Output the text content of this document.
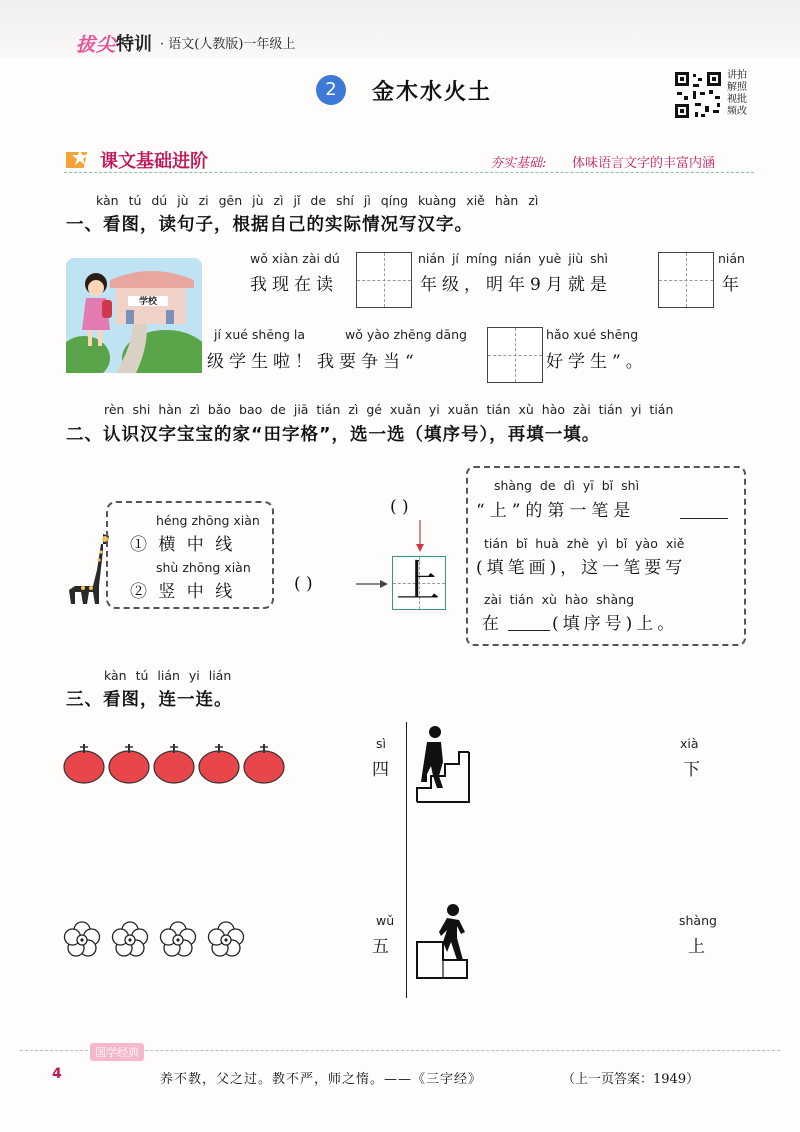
拔尖 特训 · 语文(人教版)一年级上
2	金木水火土
讲拍
解照
视批
频改
课文基础进阶	夯实基础: 体味语言文字的丰富内涵
kàn tú dú jù zi gēn jù zì jǐ de shí jì qíng kuàng xiě hàn zì
一、看图，读句子，根据自己的实际情况写汉字。
学校
wǒ xiàn zài dú
我现在读
nián jí míng nián yuè jiù shì
年级，明年9月就是
nián
年
jí xué shēng la	wǒ yào zhēng dāng
级学生啦！我要争当“
hǎo xué shēng
好学生”。
rèn shi hàn zì bǎo bao de jiā tián zì gé xuǎn yi xuǎn tián xù hào zài tián yi tián
二、认识汉字宝宝的家“田字格”，选一选（填序号），再填一填。
héng zhōng xiàn
① 横 中 线
shù zhōng xiàn
② 竖 中 线	( )
( )
上
shàng de dì yī bǐ shì
“上”的第一笔是
tián bǐ huà zhè yì bǐ yào xiě
(填笔画)，这一笔要写
zài tián xù hào shàng
在	(填序号)上。
kàn tú lián yi lián
三、看图，连一连。
sì
四
wǔ
五
xià
下
shàng
上
国学经典
4	养不教，父之过。教不严，师之惰。——《三字经》	（上一页答案：1949）
